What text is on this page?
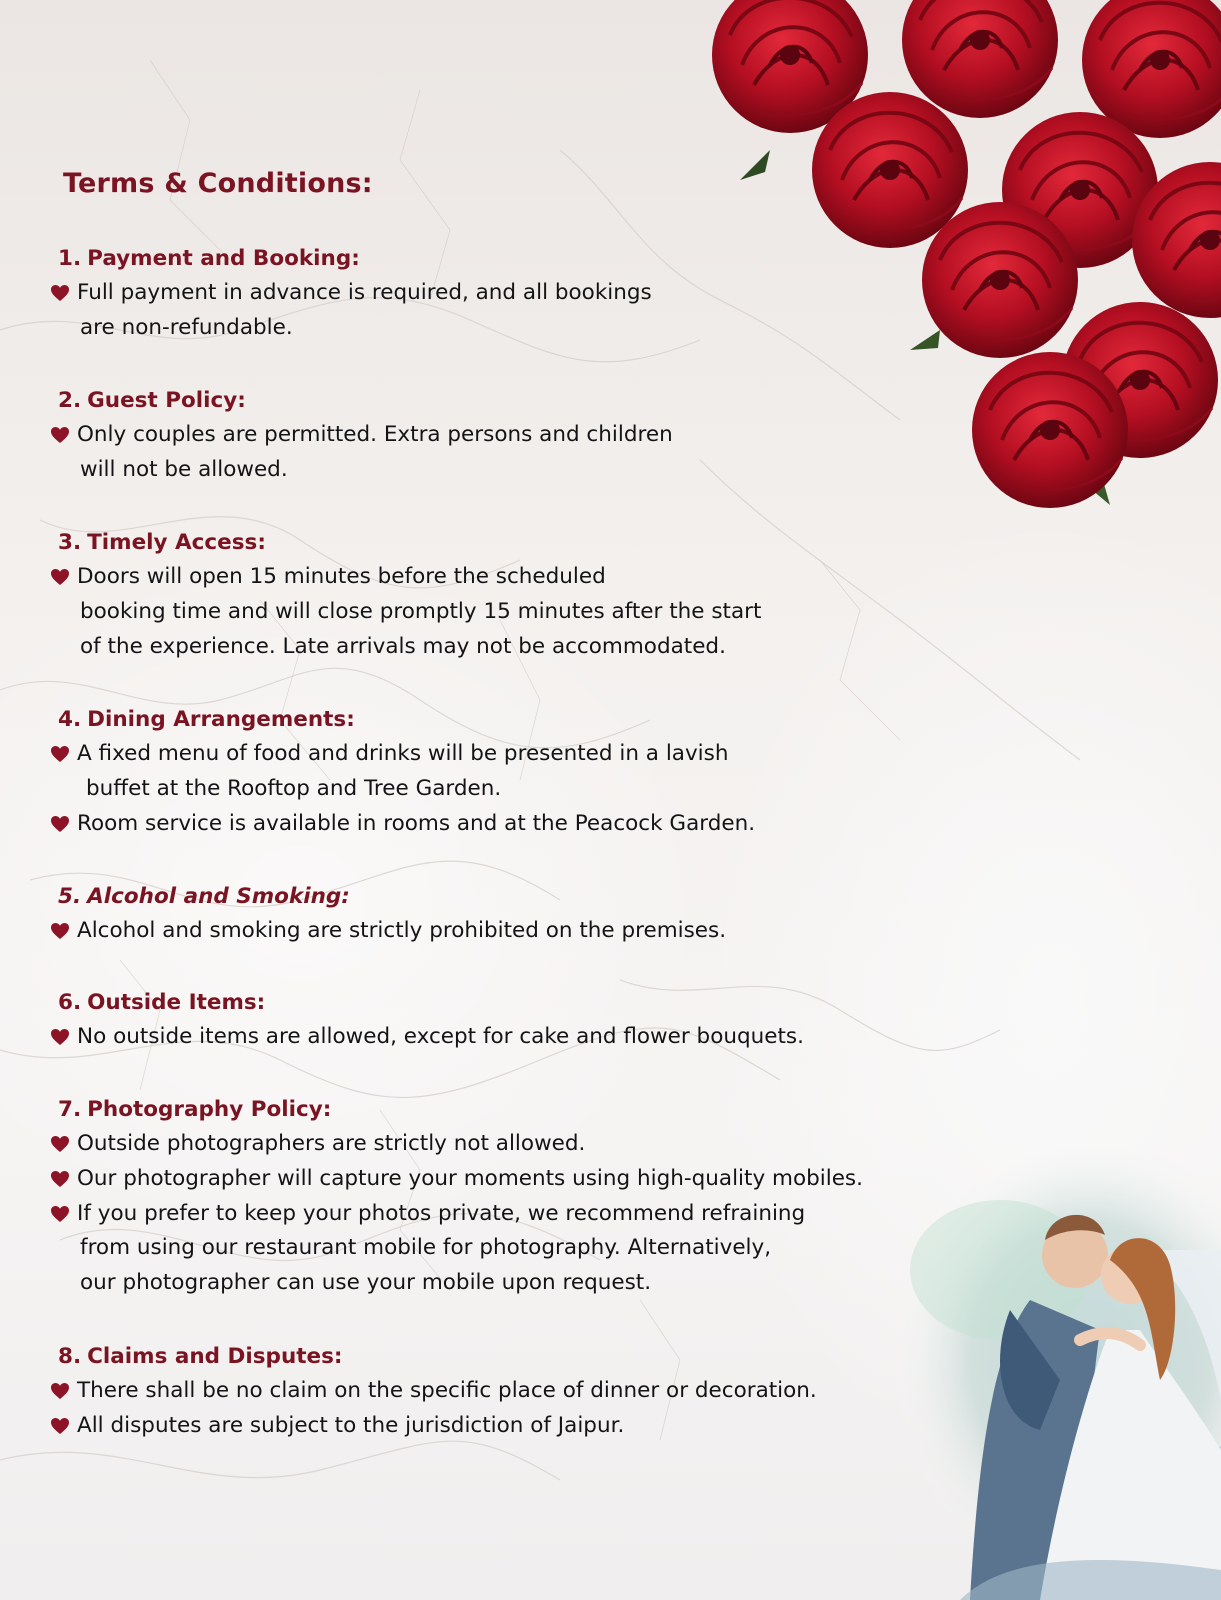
Terms & Conditions:
1. Payment and Booking:
Full payment in advance is required, and all bookings
are non-refundable.
2. Guest Policy:
Only couples are permitted. Extra persons and children
will not be allowed.
3. Timely Access:
Doors will open 15 minutes before the scheduled
booking time and will close promptly 15 minutes after the start
of the experience. Late arrivals may not be accommodated.
4. Dining Arrangements:
A fixed menu of food and drinks will be presented in a lavish
buffet at the Rooftop and Tree Garden.
Room service is available in rooms and at the Peacock Garden.
5. Alcohol and Smoking:
Alcohol and smoking are strictly prohibited on the premises.
6. Outside Items:
No outside items are allowed, except for cake and flower bouquets.
7. Photography Policy:
Outside photographers are strictly not allowed.
Our photographer will capture your moments using high-quality mobiles.
If you prefer to keep your photos private, we recommend refraining
from using our restaurant mobile for photography. Alternatively,
our photographer can use your mobile upon request.
8. Claims and Disputes:
There shall be no claim on the specific place of dinner or decoration.
All disputes are subject to the jurisdiction of Jaipur.
